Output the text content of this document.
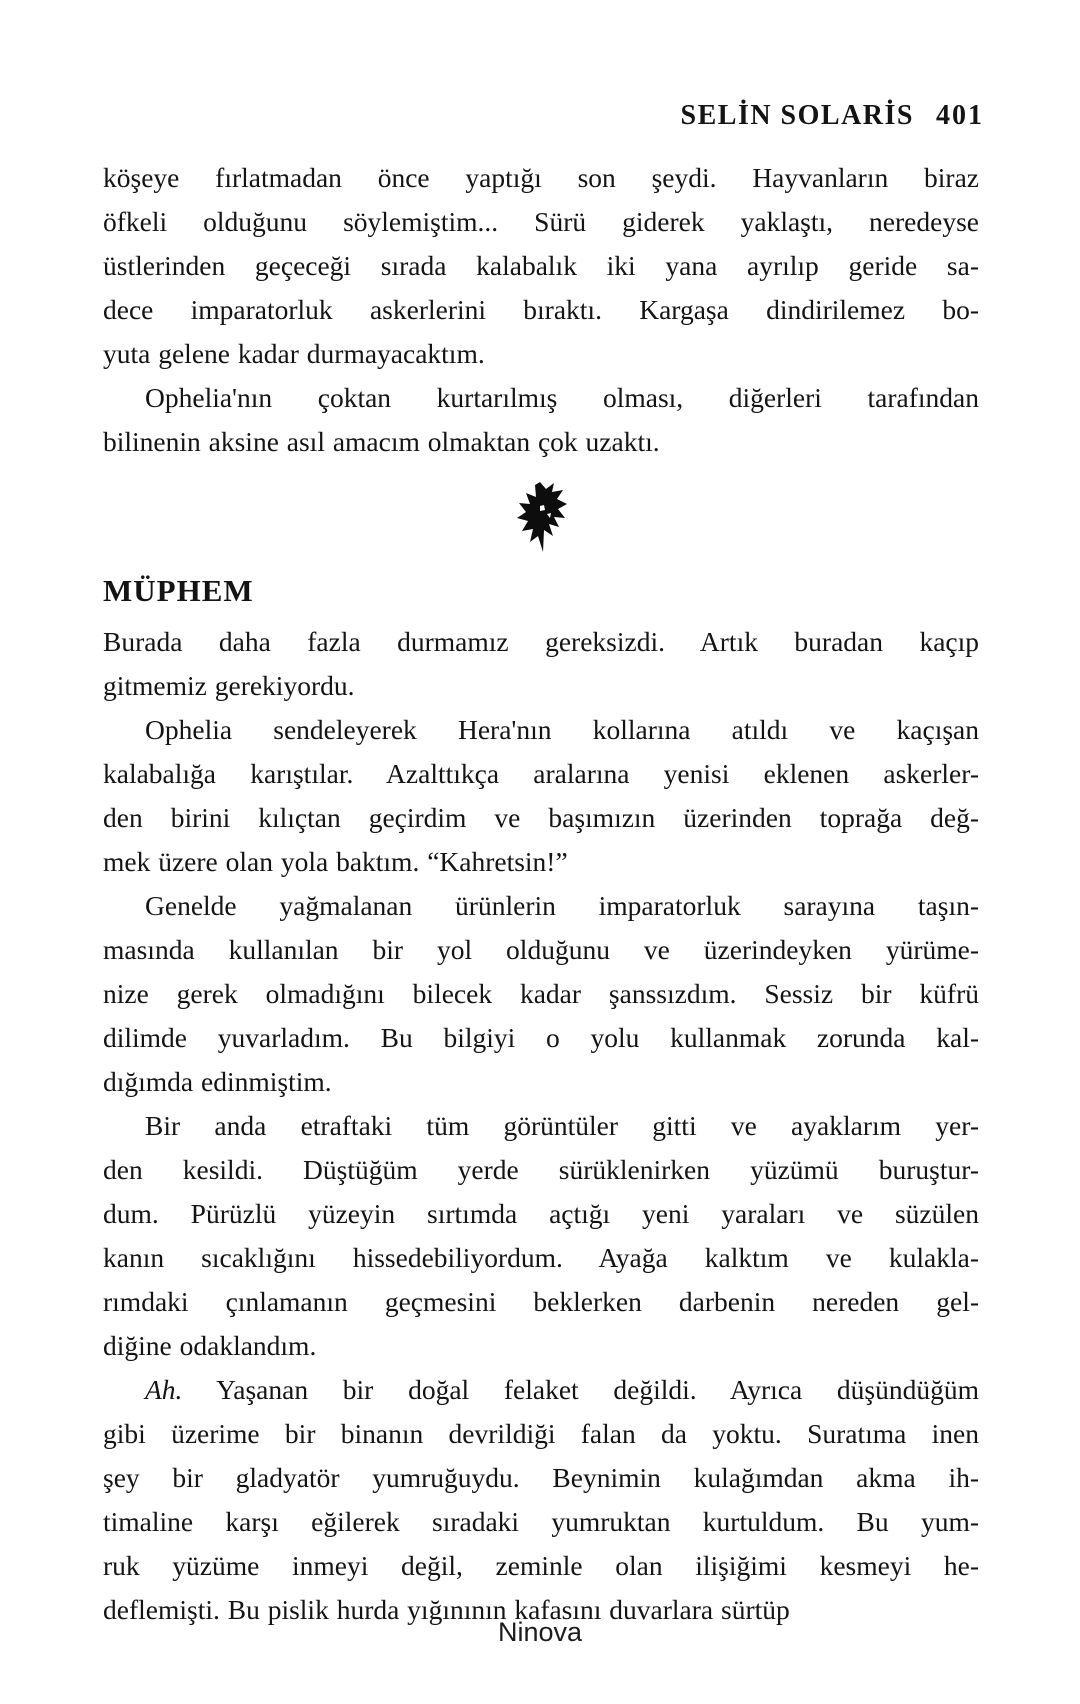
SELİN SOLARİS 401
köşeye fırlatmadan önce yaptığı son şeydi. Hayvanların biraz
öfkeli olduğunu söylemiştim... Sürü giderek yaklaştı, neredeyse
üstlerinden geçeceği sırada kalabalık iki yana ayrılıp geride sa-
dece imparatorluk askerlerini bıraktı. Kargaşa dindirilemez bo-
yuta gelene kadar durmayacaktım.
Ophelia'nın çoktan kurtarılmış olması, diğerleri tarafından
bilinenin aksine asıl amacım olmaktan çok uzaktı.
MÜPHEM
Burada daha fazla durmamız gereksizdi. Artık buradan kaçıp
gitmemiz gerekiyordu.
Ophelia sendeleyerek Hera'nın kollarına atıldı ve kaçışan
kalabalığa karıştılar. Azalttıkça aralarına yenisi eklenen askerler-
den birini kılıçtan geçirdim ve başımızın üzerinden toprağa değ-
mek üzere olan yola baktım. “Kahretsin!”
Genelde yağmalanan ürünlerin imparatorluk sarayına taşın-
masında kullanılan bir yol olduğunu ve üzerindeyken yürüme-
nize gerek olmadığını bilecek kadar şanssızdım. Sessiz bir küfrü
dilimde yuvarladım. Bu bilgiyi o yolu kullanmak zorunda kal-
dığımda edinmiştim.
Bir anda etraftaki tüm görüntüler gitti ve ayaklarım yer-
den kesildi. Düştüğüm yerde sürüklenirken yüzümü buruştur-
dum. Pürüzlü yüzeyin sırtımda açtığı yeni yaraları ve süzülen
kanın sıcaklığını hissedebiliyordum. Ayağa kalktım ve kulakla-
rımdaki çınlamanın geçmesini beklerken darbenin nereden gel-
diğine odaklandım.
Ah. Yaşanan bir doğal felaket değildi. Ayrıca düşündüğüm
gibi üzerime bir binanın devrildiği falan da yoktu. Suratıma inen
şey bir gladyatör yumruğuydu. Beynimin kulağımdan akma ih-
timaline karşı eğilerek sıradaki yumruktan kurtuldum. Bu yum-
ruk yüzüme inmeyi değil, zeminle olan ilişiğimi kesmeyi he-
deflemişti. Bu pislik hurda yığınının kafasını duvarlara sürtüp
Ninova
